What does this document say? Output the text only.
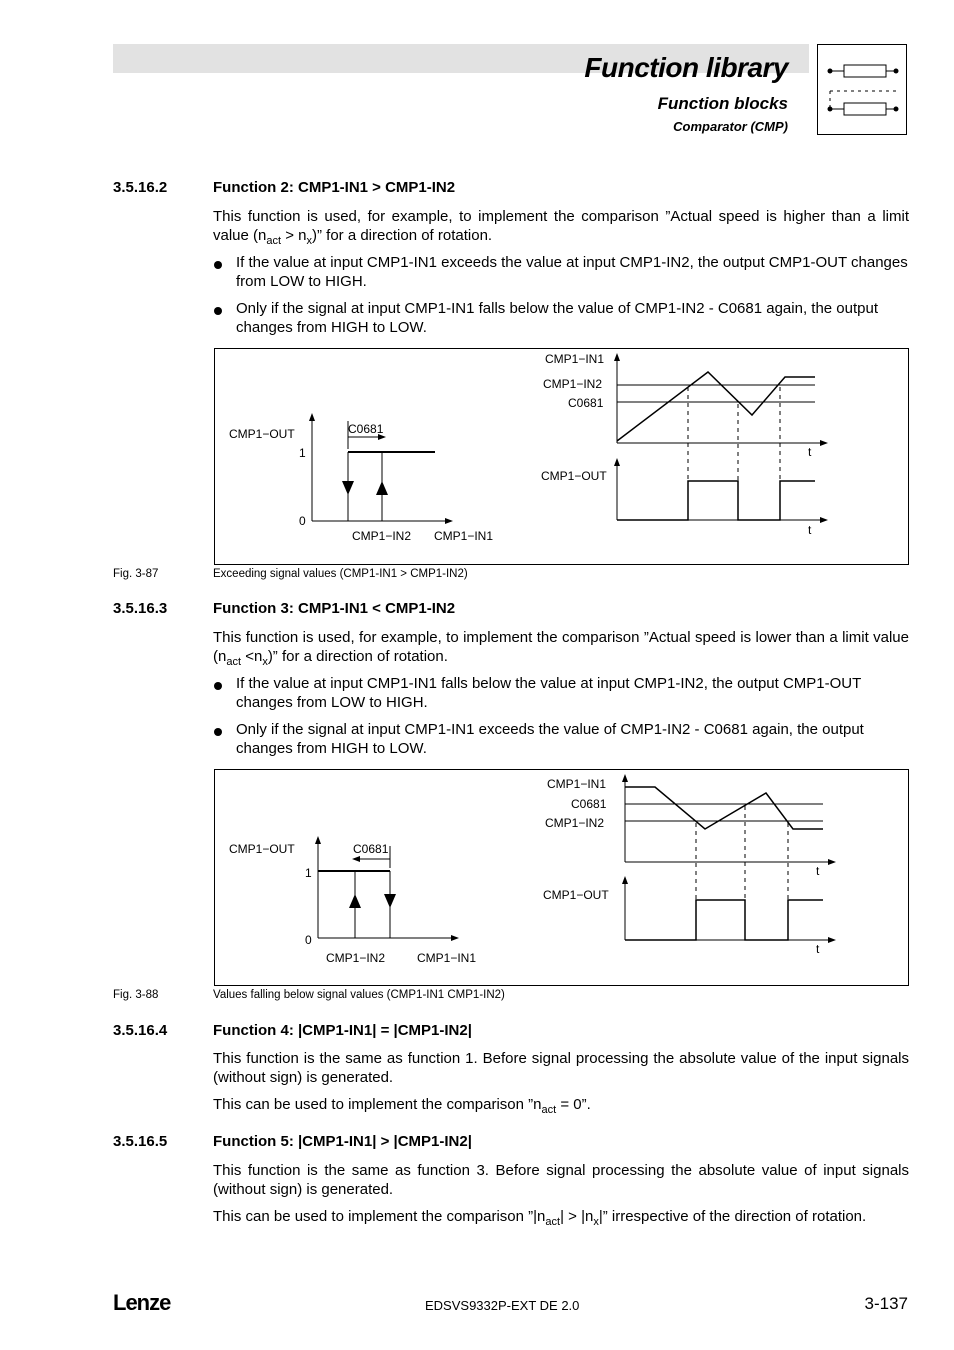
Function library
Function blocks
Comparator (CMP)
3.5.16.2	Function 2: CMP1-IN1 > CMP1-IN2
This function is used, for example, to implement the comparison ”Actual speed is higher than a limit value $(n_{act} > n_x)$” for a direction of rotation.
If the value at input CMP1-IN1 exceeds the value at input CMP1-IN2, the output CMP1-OUT changes from LOW to HIGH.
Only if the signal at input CMP1-IN1 falls below the value of CMP1-IN2 - C0681 again, the output changes from HIGH to LOW.
CMP1−OUT	C0681
1
0
CMP1−IN2 CMP1−IN1
CMP1−IN1
CMP1−IN2
C0681
t
CMP1−OUT
t
Fig. 3-87	Exceeding signal values (CMP1-IN1 > CMP1-IN2)
3.5.16.3	Function 3: CMP1-IN1 < CMP1-IN2
This function is used, for example, to implement the comparison ”Actual speed is lower than a limit value $(n_{act} <n_x)$” for a direction of rotation.
If the value at input CMP1-IN1 falls below the value at input CMP1-IN2, the output CMP1-OUT changes from LOW to HIGH.
Only if the signal at input CMP1-IN1 exceeds the value of CMP1-IN2 - C0681 again, the output changes from HIGH to LOW.
CMP1−OUT	C0681
1
0
CMP1−IN2	CMP1−IN1
CMP1−IN1
C0681
CMP1−IN2
t
CMP1−OUT
t
Fig. 3-88	Values falling below signal values (CMP1-IN1 CMP1-IN2)
3.5.16.4	Function 4: |CMP1-IN1| = |CMP1-IN2|
This function is the same as function 1. Before signal processing the absolute value of the input signals (without sign) is generated.
This can be used to implement the comparison $”n_{act} = 0$”.
3.5.16.5	Function 5: |CMP1-IN1| > |CMP1-IN2|
This function is the same as function 3. Before signal processing the absolute value of input signals (without sign) is generated.
This can be used to implement the comparison $”|n_{act}| > |n_x|$” irrespective of the direction of rotation.
Lenze	EDSVS9332P-EXT DE 2.0	3-137
